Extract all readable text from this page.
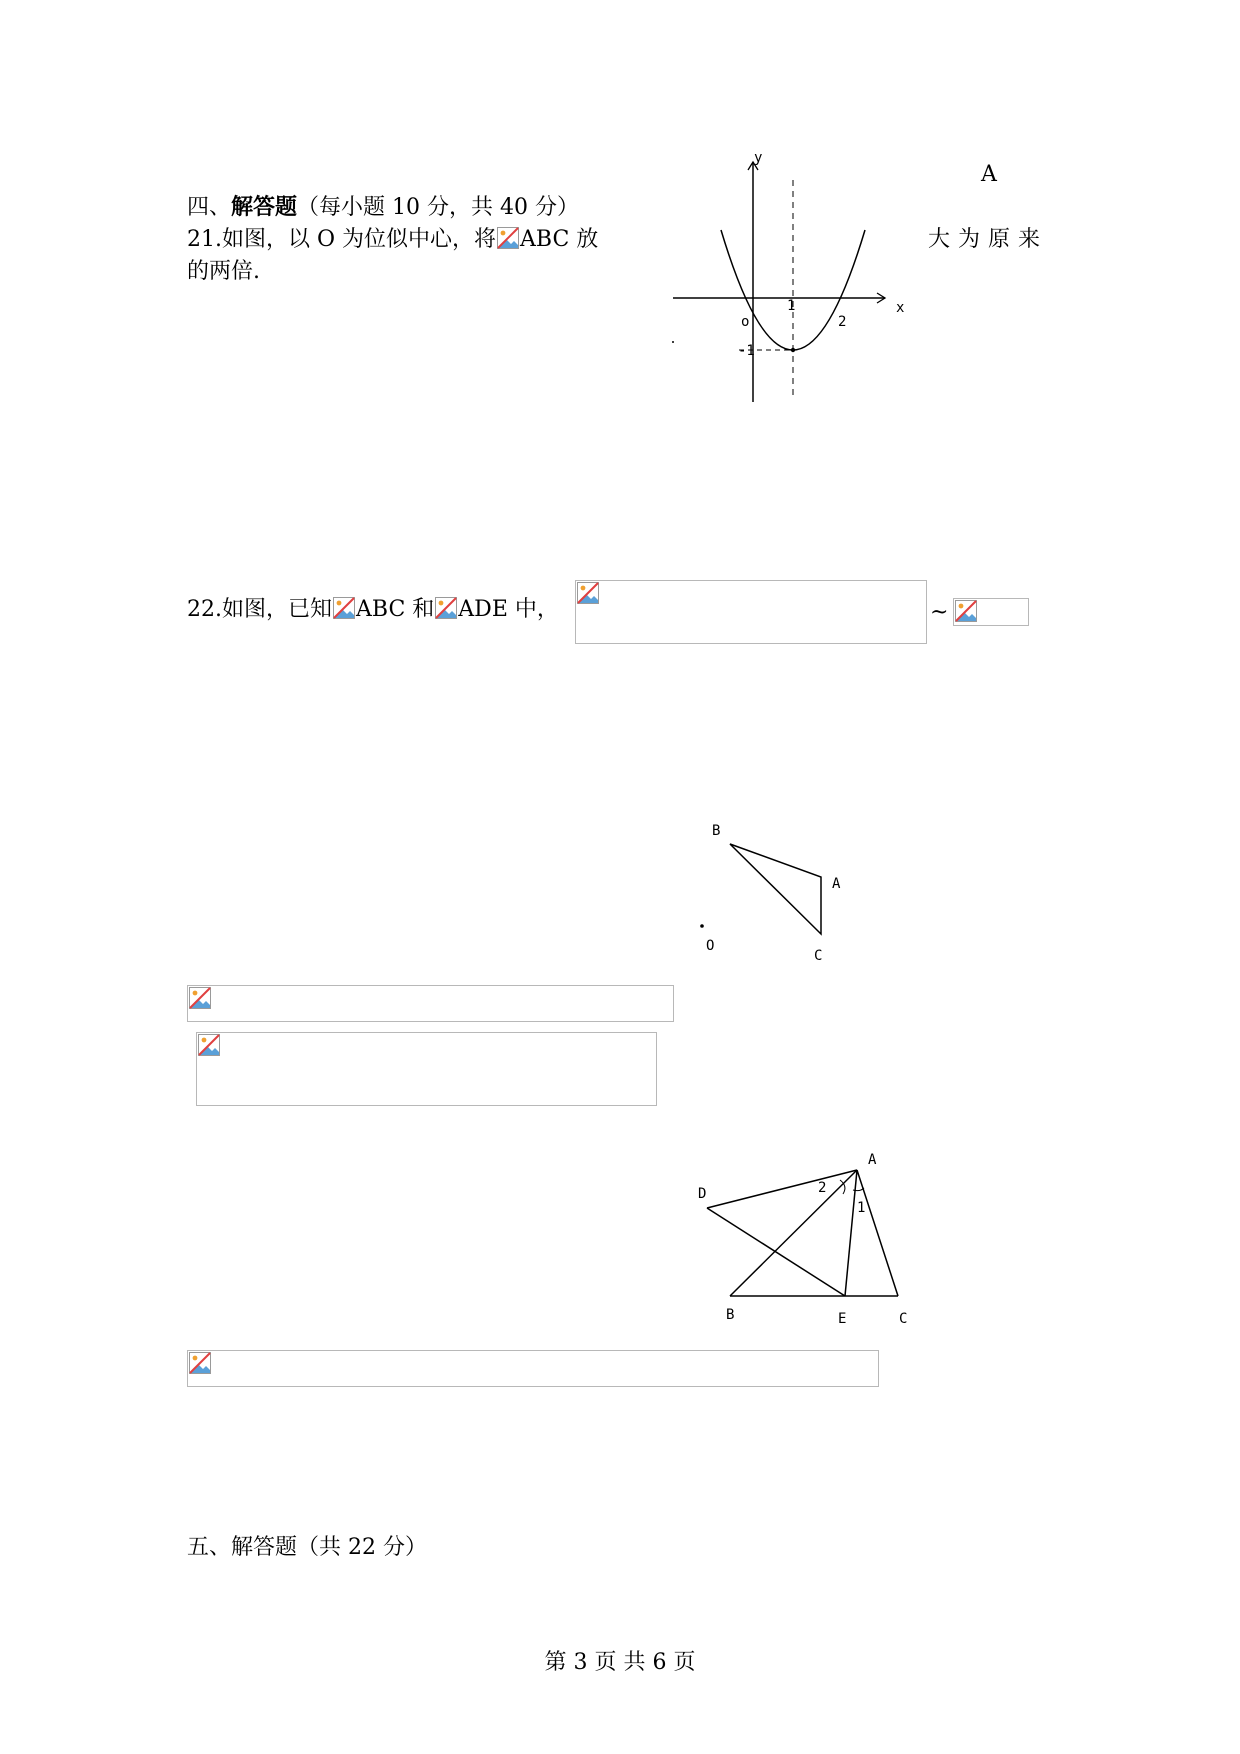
四、解答题（每小题 10 分，共 40 分）
21.如图，以 O 为位似中心，将 ABC 放	大为原来
的两倍.
A
y
x
o
1
2
-1
22.如图，已知 ABC 和 ADE 中，	~
B
A
C
O
A
D
B	E	C
2
1
五、解答题（共 22 分）
第 3 页 共 6 页
